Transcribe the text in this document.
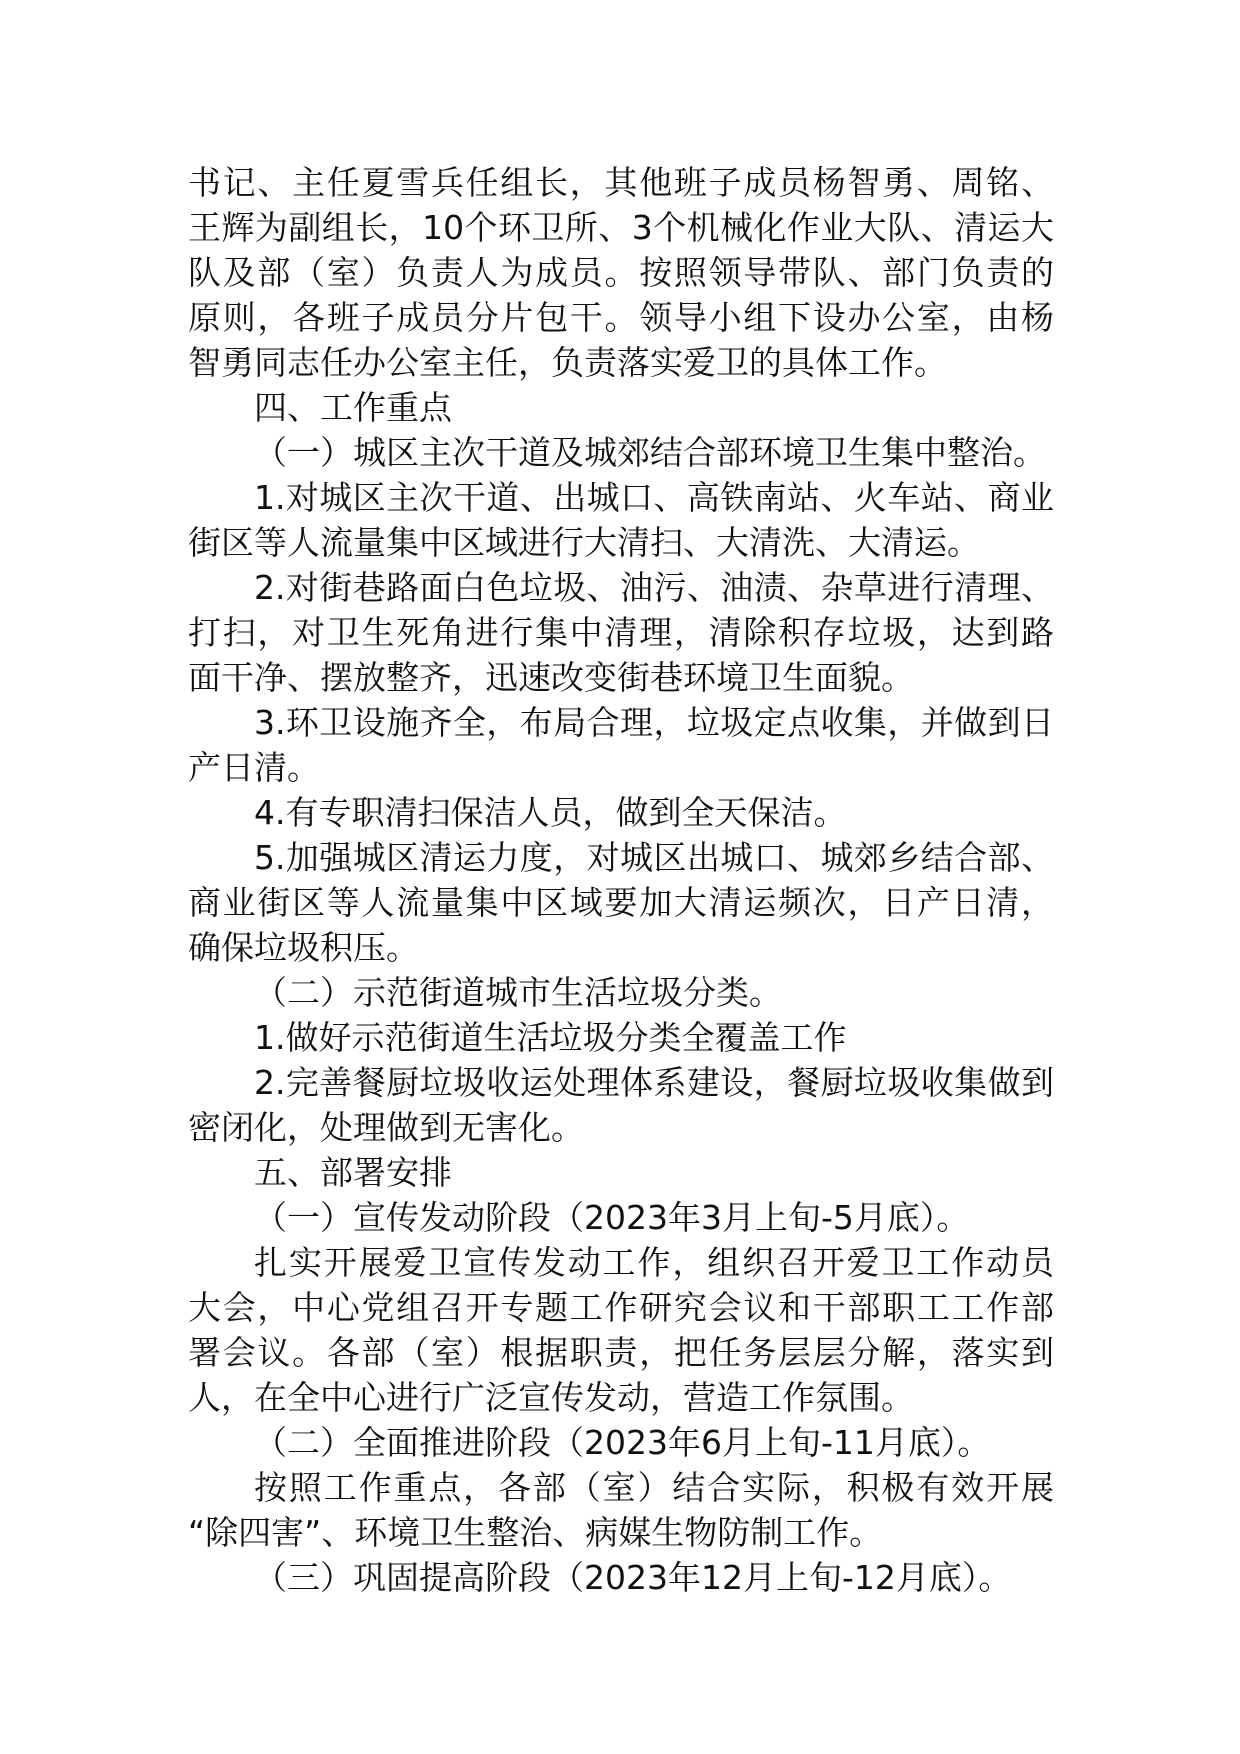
书记、主任夏雪兵任组长，其他班子成员杨智勇、周铭、
王辉为副组长，10个环卫所、3个机械化作业大队、清运大
队及部（室）负责人为成员。按照领导带队、部门负责的
原则，各班子成员分片包干。领导小组下设办公室，由杨
智勇同志任办公室主任，负责落实爱卫的具体工作。
四、工作重点
（一）城区主次干道及城郊结合部环境卫生集中整治。
1.对城区主次干道、出城口、高铁南站、火车站、商业
街区等人流量集中区域进行大清扫、大清洗、大清运。
2.对街巷路面白色垃圾、油污、油渍、杂草进行清理、
打扫，对卫生死角进行集中清理，清除积存垃圾，达到路
面干净、摆放整齐，迅速改变街巷环境卫生面貌。
3.环卫设施齐全，布局合理，垃圾定点收集，并做到日
产日清。
4.有专职清扫保洁人员，做到全天保洁。
5.加强城区清运力度，对城区出城口、城郊乡结合部、
商业街区等人流量集中区域要加大清运频次，日产日清，
确保垃圾积压。
（二）示范街道城市生活垃圾分类。
1.做好示范街道生活垃圾分类全覆盖工作
2.完善餐厨垃圾收运处理体系建设，餐厨垃圾收集做到
密闭化，处理做到无害化。
五、部署安排
（一）宣传发动阶段（2023年3月上旬-5月底）。
扎实开展爱卫宣传发动工作，组织召开爱卫工作动员
大会，中心党组召开专题工作研究会议和干部职工工作部
署会议。各部（室）根据职责，把任务层层分解，落实到
人，在全中心进行广泛宣传发动，营造工作氛围。
（二）全面推进阶段（2023年6月上旬-11月底）。
按照工作重点，各部（室）结合实际，积极有效开展
“除四害”、环境卫生整治、病媒生物防制工作。
（三）巩固提高阶段（2023年12月上旬-12月底）。
